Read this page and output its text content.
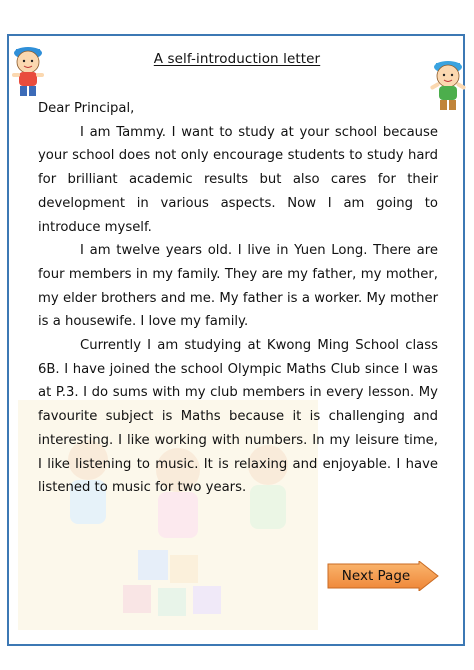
A self-introduction letter

Dear Principal,

I am Tammy. I want to study at your school because your school does not only encourage students to study hard for brilliant academic results but also cares for their development in various aspects. Now I am going to introduce myself.

I am twelve years old. I live in Yuen Long. There are four members in my family. They are my father, my mother, my elder brothers and me. My father is a worker. My mother is a housewife. I love my family.

Currently I am studying at Kwong Ming School class 6B. I have joined the school Olympic Maths Club since I was at P.3. I do sums with my club members in every lesson. My favourite subject is Maths because it is challenging and interesting. I like working with numbers. In my leisure time, I like listening to music. It is relaxing and enjoyable. I have listened to music for two years.

Next Page
